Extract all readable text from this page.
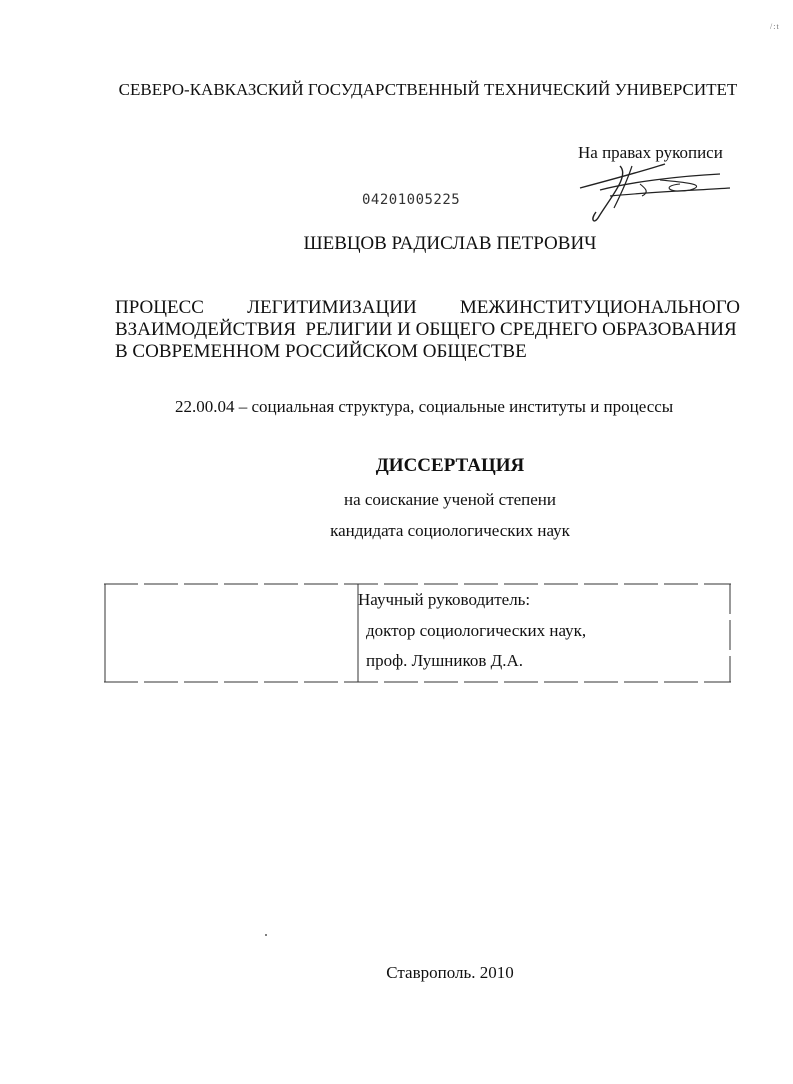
/:t
СЕВЕРО-КАВКАЗСКИЙ ГОСУДАРСТВЕННЫЙ ТЕХНИЧЕСКИЙ УНИВЕРСИТЕТ
На правах рукописи
04201005225
ШЕВЦОВ РАДИСЛАВ ПЕТРОВИЧ
ПРОЦЕСС ЛЕГИТИМИЗАЦИИ МЕЖИНСТИТУЦИОНАЛЬНОГО
ВЗАИМОДЕЙСТВИЯ  РЕЛИГИИ И ОБЩЕГО СРЕДНЕГО ОБРАЗОВАНИЯ
В СОВРЕМЕННОМ РОССИЙСКОМ ОБЩЕСТВЕ
22.00.04 – социальная структура, социальные институты и процессы
ДИССЕРТАЦИЯ
на соискание ученой степени
кандидата социологических наук
Научный руководитель:
доктор социологических наук,
проф. Лушников Д.А.
Ставрополь. 2010
